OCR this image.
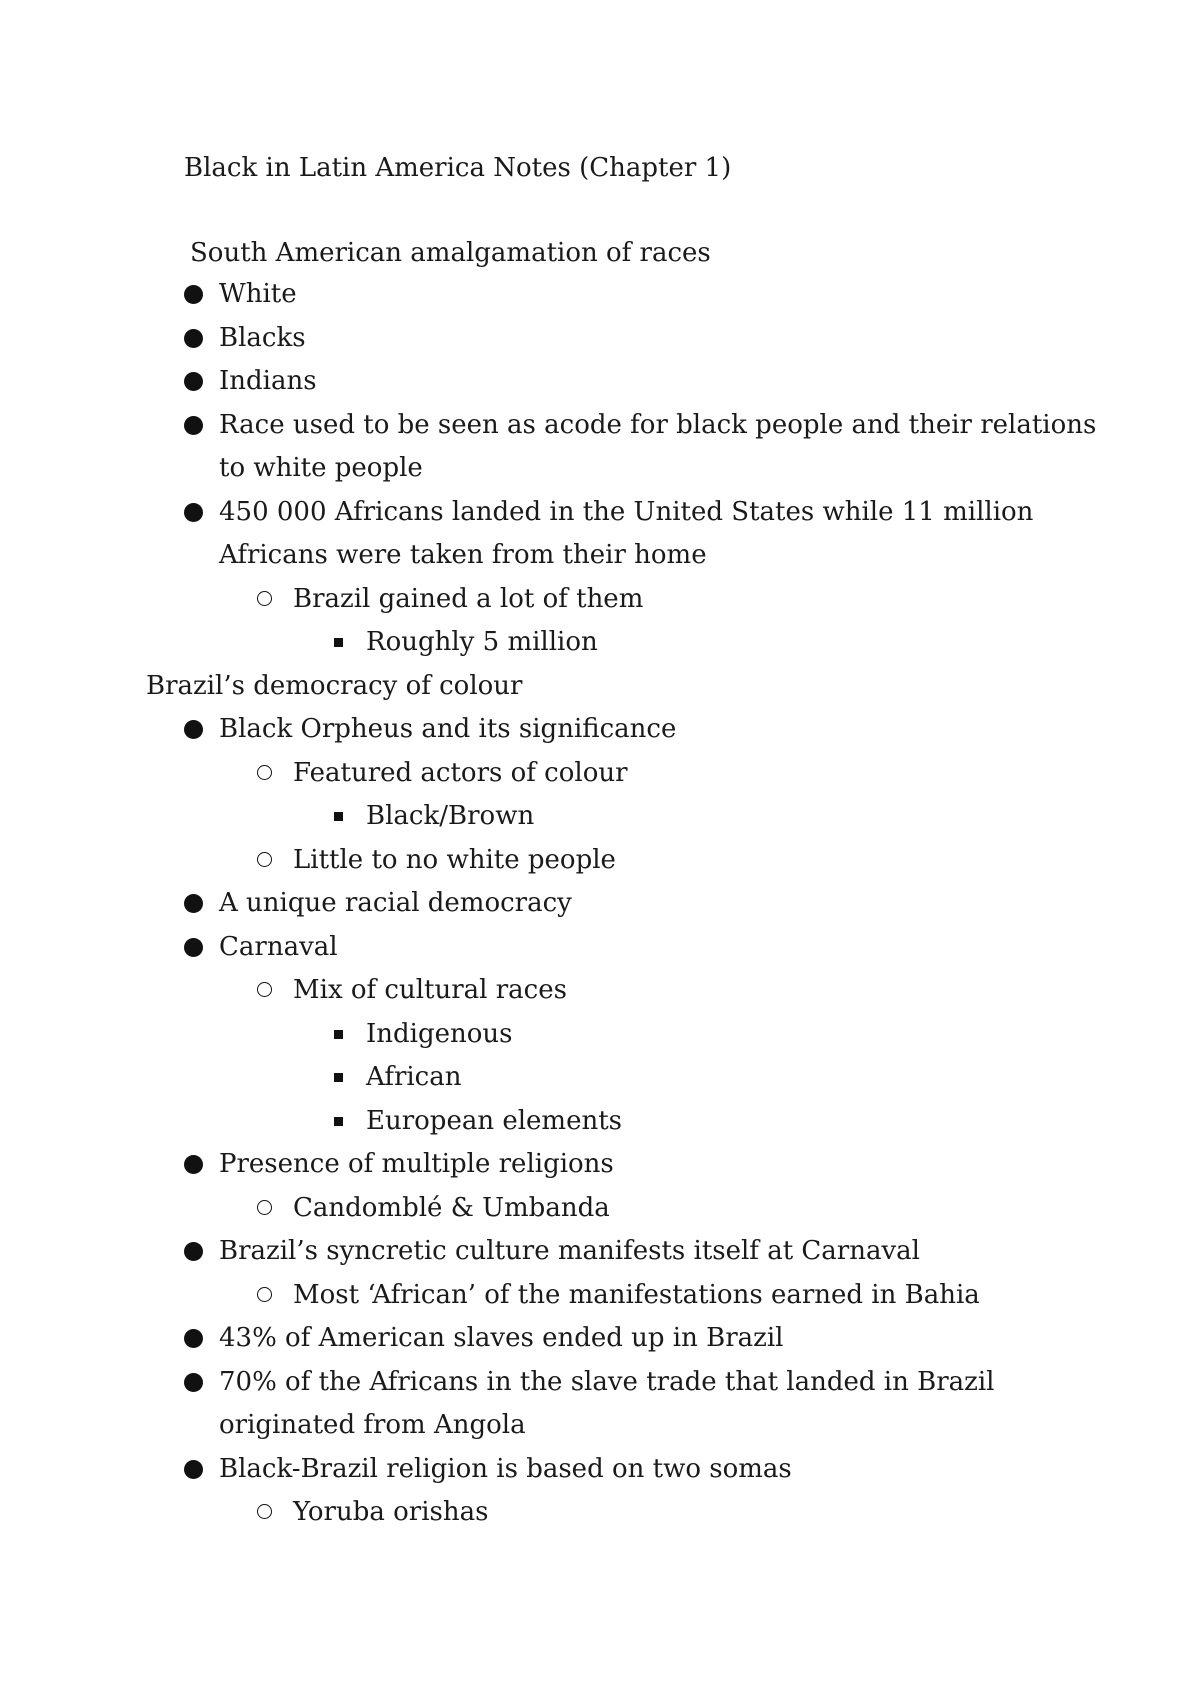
Black in Latin America Notes (Chapter 1)
South American amalgamation of races
White
Blacks
Indians
Race used to be seen as acode for black people and their relations
to white people
450 000 Africans landed in the United States while 11 million
Africans were taken from their home
Brazil gained a lot of them
Roughly 5 million
Brazil’s democracy of colour
Black Orpheus and its significance
Featured actors of colour
Black/Brown
Little to no white people
A unique racial democracy
Carnaval
Mix of cultural races
Indigenous
African
European elements
Presence of multiple religions
Candomblé & Umbanda
Brazil’s syncretic culture manifests itself at Carnaval
Most ‘African’ of the manifestations earned in Bahia
43% of American slaves ended up in Brazil
70% of the Africans in the slave trade that landed in Brazil
originated from Angola
Black-Brazil religion is based on two somas
Yoruba orishas
